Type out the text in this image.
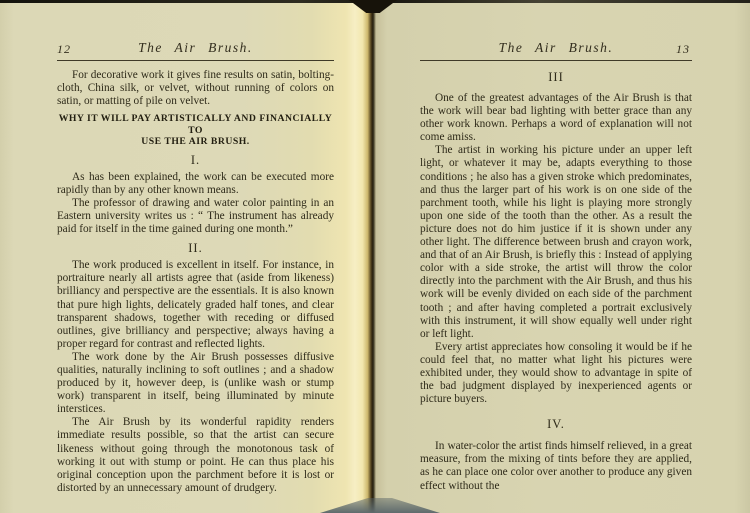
12	The Air Brush.

For decorative work it gives fine results on satin, bolting-cloth, China silk, or velvet, without running of colors on satin, or matting of pile on velvet.

WHY IT WILL PAY ARTISTICALLY AND FINANCIALLY TO
USE THE AIR BRUSH.
I.

As has been explained, the work can be executed more rapidly than by any other known means.

The professor of drawing and water color painting in an Eastern university writes us : “ The instrument has already paid for itself in the time gained during one month.”

II.

The work produced is excellent in itself. For instance, in portraiture nearly all artists agree that (aside from likeness) brilliancy and perspective are the essentials. It is also known that pure high lights, delicately graded half tones, and clear transparent shadows, together with receding or diffused outlines, give brilliancy and perspective; always having a proper regard for contrast and reflected lights.

The work done by the Air Brush possesses diffusive qualities, naturally inclining to soft outlines ; and a shadow produced by it, however deep, is (unlike wash or stump work) transparent in itself, being illuminated by minute interstices.

The Air Brush by its wonderful rapidity renders immediate results possible, so that the artist can secure likeness without going through the monotonous task of working it out with stump or point. He can thus place his original conception upon the parchment before it is lost or distorted by an unnecessary amount of drudgery.

The Air Brush.	13
III

One of the greatest advantages of the Air Brush is that the work will bear bad lighting with better grace than any other work known. Perhaps a word of explanation will not come amiss.

The artist in working his picture under an upper left light, or whatever it may be, adapts everything to those conditions ; he also has a given stroke which predominates, and thus the larger part of his work is on one side of the parchment tooth, while his light is playing more strongly upon one side of the tooth than the other. As a result the picture does not do him justice if it is shown under any other light. The difference between brush and crayon work, and that of an Air Brush, is briefly this : Instead of applying color with a side stroke, the artist will throw the color directly into the parchment with the Air Brush, and thus his work will be evenly divided on each side of the parchment tooth ; and after having completed a portrait exclusively with this instrument, it will show equally well under right or left light.

Every artist appreciates how consoling it would be if he could feel that, no matter what light his pictures were exhibited under, they would show to advantage in spite of the bad judgment displayed by inexperienced agents or picture buyers.

IV.

In water-color the artist finds himself relieved, in a great measure, from the mixing of tints before they are applied, as he can place one color over another to produce any given effect without the
